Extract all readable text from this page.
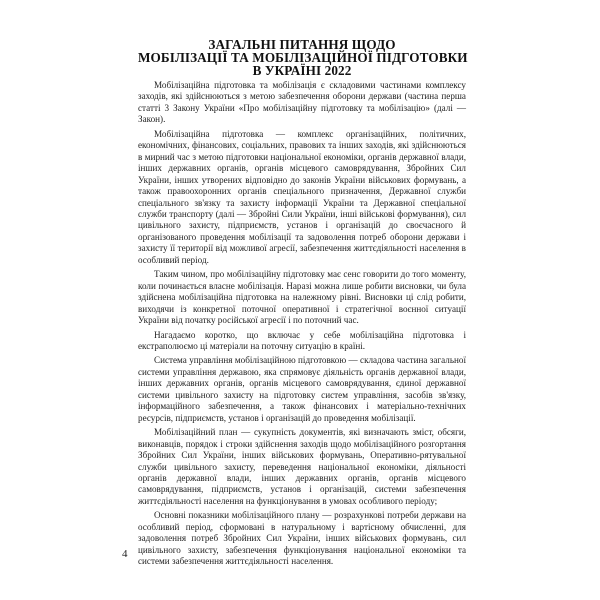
ЗАГАЛЬНІ ПИТАННЯ ЩОДО
МОБІЛІЗАЦІЇ ТА МОБІЛІЗАЦІЙНОЇ ПІДГОТОВКИ
В УКРАЇНІ 2022

Мобілізаційна підготовка та мобілізація є складовими частинами комплексу заходів, які здійснюються з метою забезпечення оборони держави (частина перша статті 3 Закону України «Про мобілізаційну підготовку та мобілізацію» (далі — Закон).

Мобілізаційна підготовка — комплекс організаційних, політичних, економічних, фінансових, соціальних, правових та інших заходів, які здійснюються в мирний час з метою підготовки національної економіки, органів державної влади, інших державних органів, органів місцевого самоврядування, Збройних Сил України, інших утворених відповідно до законів України військових формувань, а також правоохоронних органів спеціального призначення, Державної служби спеціального зв'язку та захисту інформації України та Державної спеціальної служби транспорту (далі — Збройні Сили України, інші військові формування), сил цивільного захисту, підприємств, установ і організацій до своєчасного й організованого проведення мобілізації та задоволення потреб оборони держави і захисту її території від можливої агресії, забезпечення життєдіяльності населення в особливий період.

Таким чином, про мобілізаційну підготовку має сенс говорити до того моменту, коли починається власне мобілізація. Наразі можна лише робити висновки, чи була здійснена мобілізаційна підготовка на належному рівні. Висновки ці слід робити, виходячи із конкретної поточної оперативної і стратегічної воєнної ситуації України від початку російської агресії і по поточний час.

Нагадаємо коротко, що включає у себе мобілізаційна підготовка і екстраполюємо ці матеріали на поточну ситуацію в країні.

Система управління мобілізаційною підготовкою — складова частина загальної системи управління державою, яка спрямовує діяльність органів державної влади, інших державних органів, органів місцевого самоврядування, єдиної державної системи цивільного захисту на підготовку систем управління, засобів зв'язку, інформаційного забезпечення, а також фінансових і матеріально-технічних ресурсів, підприємств, установ і організацій до проведення мобілізації.

Мобілізаційний план — сукупність документів, які визначають зміст, обсяги, виконавців, порядок і строки здійснення заходів щодо мобілізаційного розгортання Збройних Сил України, інших військових формувань, Оперативно-рятувальної служби цивільного захисту, переведення національної економіки, діяльності органів державної влади, інших державних органів, органів місцевого самоврядування, підприємств, установ і організацій, системи забезпечення життєдіяльності населення на функціонування в умовах особливого періоду;

Основні показники мобілізаційного плану — розрахункові потреби держави на особливий період, сформовані в натуральному і вартісному обчисленні, для задоволення потреб Збройних Сил України, інших військових формувань, сил цивільного захисту, забезпечення функціонування національної економіки та системи забезпечення життєдіяльності населення.

4
